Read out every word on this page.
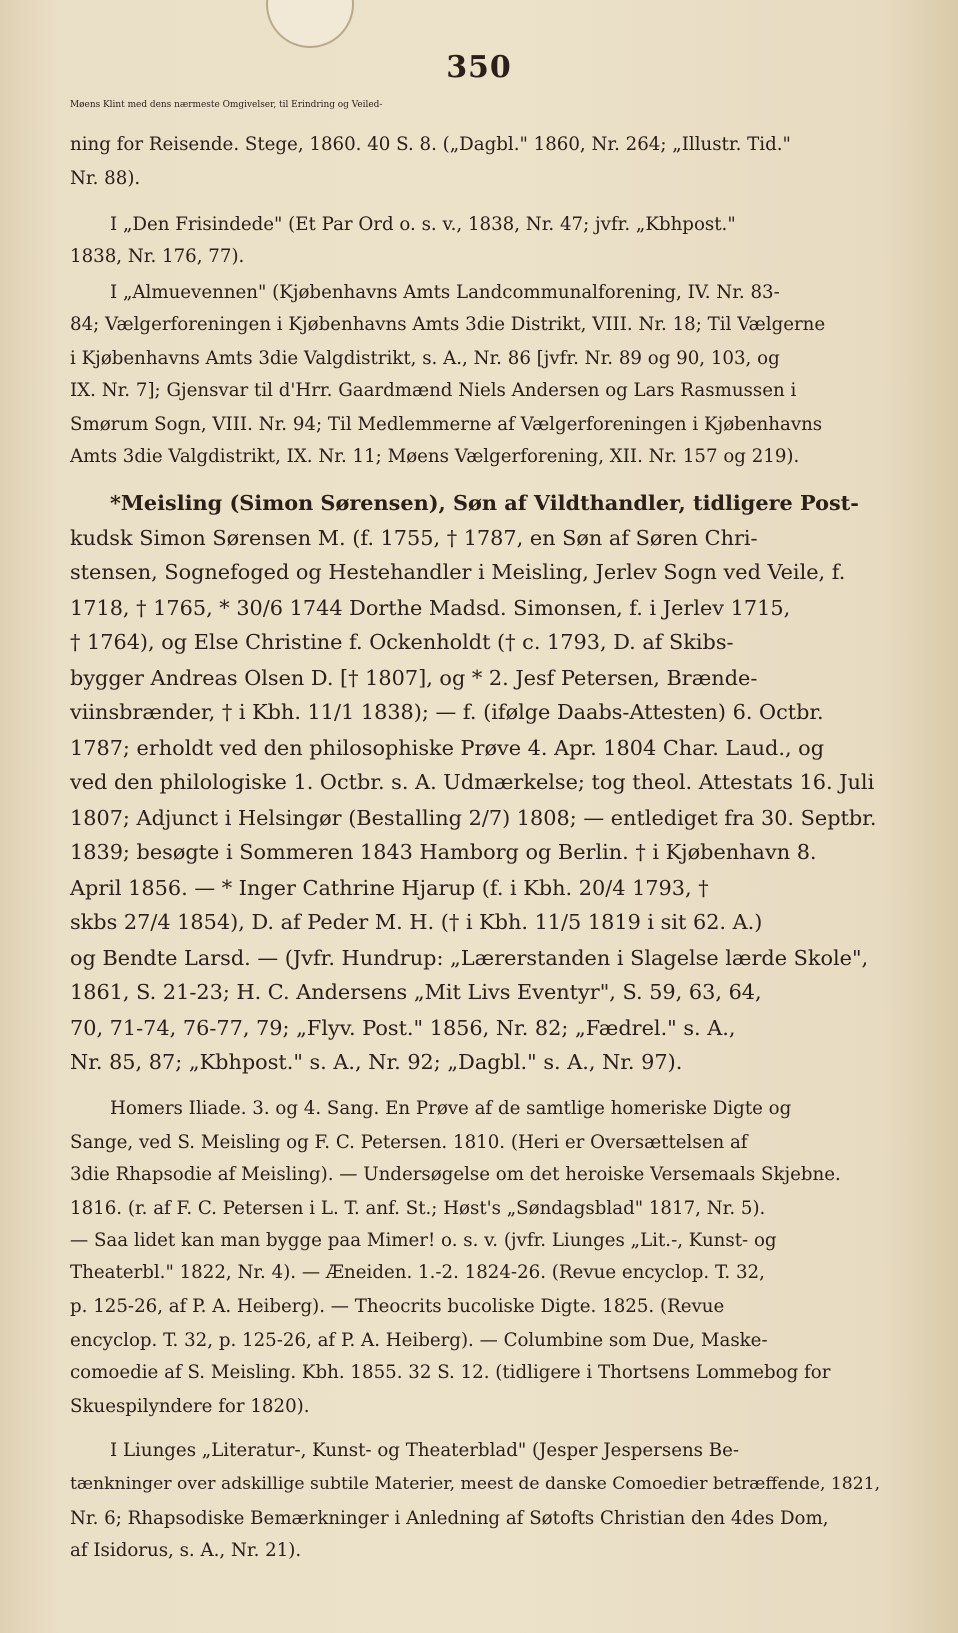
350
Møens Klint med dens nærmeste Omgivelser, til Erindring og Veiled-
ning for Reisende. Stege, 1860. 40 S. 8. („Dagbl." 1860, Nr. 264; „Illustr. Tid."
Nr. 88).
I „Den Frisindede" (Et Par Ord o. s. v., 1838, Nr. 47; jvfr. „Kbhpost."
1838, Nr. 176, 77).
I „Almuevennen" (Kjøbenhavns Amts Landcommunalforening, IV. Nr. 83-
84; Vælgerforeningen i Kjøbenhavns Amts 3die Distrikt, VIII. Nr. 18; Til Vælgerne
i Kjøbenhavns Amts 3die Valgdistrikt, s. A., Nr. 86 [jvfr. Nr. 89 og 90, 103, og
IX. Nr. 7]; Gjensvar til d'Hrr. Gaardmænd Niels Andersen og Lars Rasmussen i
Smørum Sogn, VIII. Nr. 94; Til Medlemmerne af Vælgerforeningen i Kjøbenhavns
Amts 3die Valgdistrikt, IX. Nr. 11; Møens Vælgerforening, XII. Nr. 157 og 219).
*Meisling (Simon Sørensen), Søn af Vildthandler, tidligere Post-
kudsk Simon Sørensen M. (f. 1755, † 1787, en Søn af Søren Chri-
stensen, Sognefoged og Hestehandler i Meisling, Jerlev Sogn ved Veile, f.
1718, † 1765, * 30/6 1744 Dorthe Madsd. Simonsen, f. i Jerlev 1715,
† 1764), og Else Christine f. Ockenholdt († c. 1793, D. af Skibs-
bygger Andreas Olsen D. [† 1807], og * 2. Jesf Petersen, Brænde-
viinsbrænder, † i Kbh. 11/1 1838); — f. (ifølge Daabs-Attesten) 6. Octbr.
1787; erholdt ved den philosophiske Prøve 4. Apr. 1804 Char. Laud., og
ved den philologiske 1. Octbr. s. A. Udmærkelse; tog theol. Attestats 16. Juli
1807; Adjunct i Helsingør (Bestalling 2/7) 1808; — entlediget fra 30. Septbr.
1839; besøgte i Sommeren 1843 Hamborg og Berlin. † i Kjøbenhavn 8.
April 1856. — * Inger Cathrine Hjarup (f. i Kbh. 20/4 1793, †
skbs 27/4 1854), D. af Peder M. H. († i Kbh. 11/5 1819 i sit 62. A.)
og Bendte Larsd. — (Jvfr. Hundrup: „Lærerstanden i Slagelse lærde Skole",
1861, S. 21-23; H. C. Andersens „Mit Livs Eventyr", S. 59, 63, 64,
70, 71-74, 76-77, 79; „Flyv. Post." 1856, Nr. 82; „Fædrel." s. A.,
Nr. 85, 87; „Kbhpost." s. A., Nr. 92; „Dagbl." s. A., Nr. 97).
Homers Iliade. 3. og 4. Sang. En Prøve af de samtlige homeriske Digte og
Sange, ved S. Meisling og F. C. Petersen. 1810. (Heri er Oversættelsen af
3die Rhapsodie af Meisling). — Undersøgelse om det heroiske Versemaals Skjebne.
1816. (r. af F. C. Petersen i L. T. anf. St.; Høst's „Søndagsblad" 1817, Nr. 5).
— Saa lidet kan man bygge paa Mimer! o. s. v. (jvfr. Liunges „Lit.-, Kunst- og
Theaterbl." 1822, Nr. 4). — Æneiden. 1.-2. 1824-26. (Revue encyclop. T. 32,
p. 125-26, af P. A. Heiberg). — Theocrits bucoliske Digte. 1825. (Revue
encyclop. T. 32, p. 125-26, af P. A. Heiberg). — Columbine som Due, Maske-
comoedie af S. Meisling. Kbh. 1855. 32 S. 12. (tidligere i Thortsens Lommebog for
Skuespilyndere for 1820).
I Liunges „Literatur-, Kunst- og Theaterblad" (Jesper Jespersens Be-
tænkninger over adskillige subtile Materier, meest de danske Comoedier betræffende, 1821,
Nr. 6; Rhapsodiske Bemærkninger i Anledning af Søtofts Christian den 4des Dom,
af Isidorus, s. A., Nr. 21).
